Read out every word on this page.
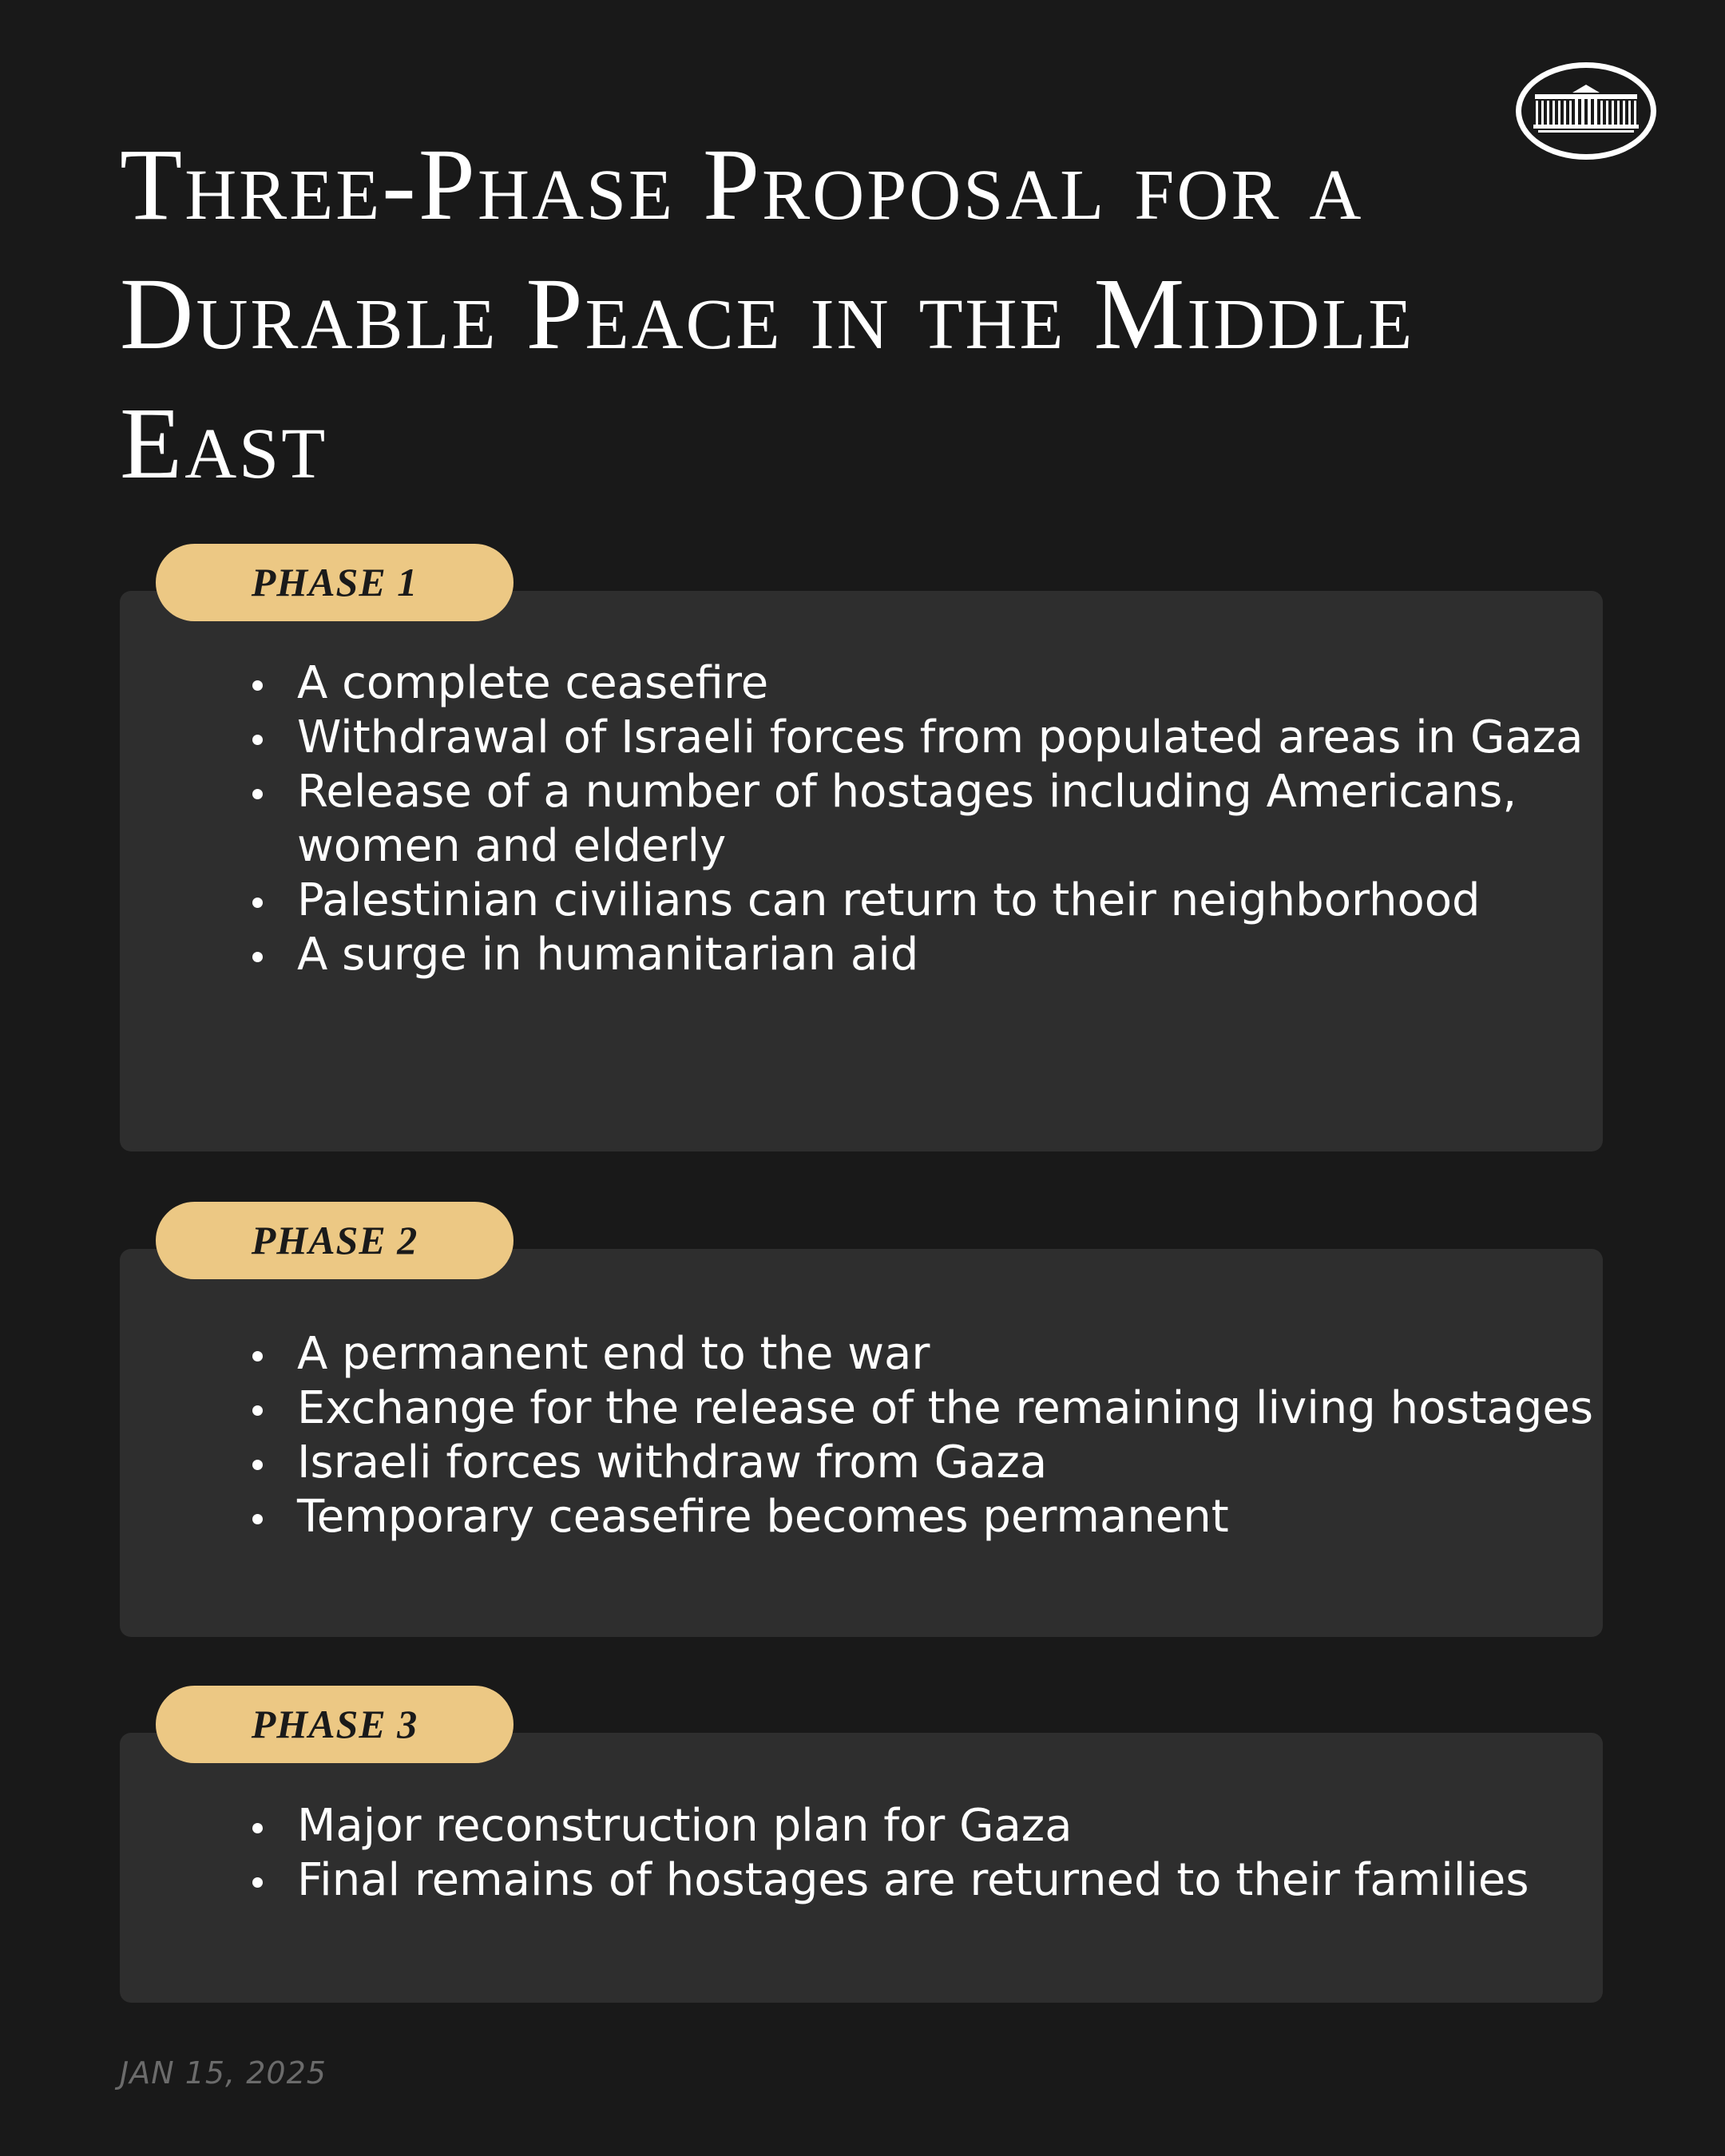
Three-Phase Proposal for a Durable Peace in the Middle East
PHASE 1
A complete ceasefire
Withdrawal of Israeli forces from populated areas in Gaza
Release of a number of hostages including Americans, women and elderly
Palestinian civilians can return to their neighborhood
A surge in humanitarian aid
PHASE 2
A permanent end to the war
Exchange for the release of the remaining living hostages
Israeli forces withdraw from Gaza
Temporary ceasefire becomes permanent
PHASE 3
Major reconstruction plan for Gaza
Final remains of hostages are returned to their families
JAN 15, 2025
